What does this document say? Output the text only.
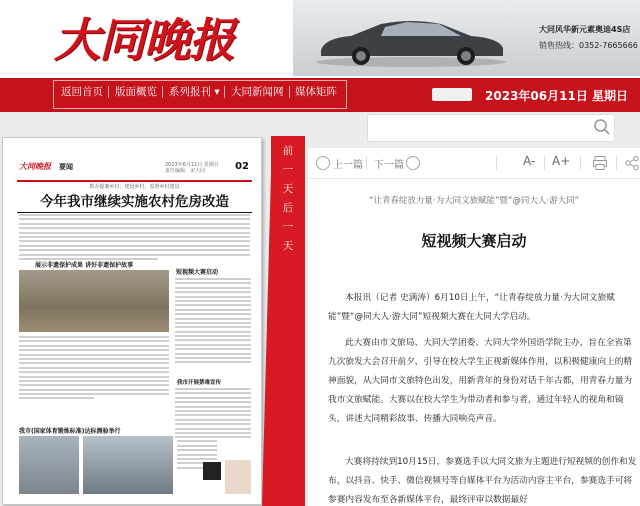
大同晚报	大同风华新元素奥迪4S店
销售热线：0352-7665666
返回首页 版面概览 系列报刊 ▾ 大同新闻网 媒体矩阵	2023年06月11日 星期日
大同晚报 要闻	2023年6月11日 星期日 责任编辑：宋大同	02
数办提案乡村、建设乡村、监督乡村建设
今年我市继续实施农村危房改造
展示非遗保护成果 讲好非遗保护故事
短视频大赛启动
我市开展禁毒宣传
我市(国家体育锻炼标准)达标测验举行
前一天 后一天
上一篇 下一篇	A- A+
“让青春绽放力量·为大同文旅赋能”暨“@同大人·游大同”
短视频大赛启动
本报讯（记者 史满涛）6月10日上午，“让青春绽放力量·为大同文旅赋能”暨“@同大人·游大同”短视频大赛在大同大学启动。
此大赛由市文旅局、大同大学团委、大同大学外国语学院主办，旨在全省第九次旅发大会召开前夕，引导在校大学生正视新媒体作用，以积极健康向上的精神面貌，从大同市文旅特色出发，用新青年的身份对话千年古都，用青春力量为我市文旅赋能。大赛以在校大学生为带动者和参与者，通过年轻人的视角和镜头，讲述大同精彩故事、传播大同响亮声音。
大赛将持续到10月15日，参赛选手以大同文旅为主题进行短视频的创作和发布，以抖音、快手、微信视频号等自媒体平台为活动内容主平台，参赛选手可将参赛内容发布至各新媒体平台，最终评审以数据最好
